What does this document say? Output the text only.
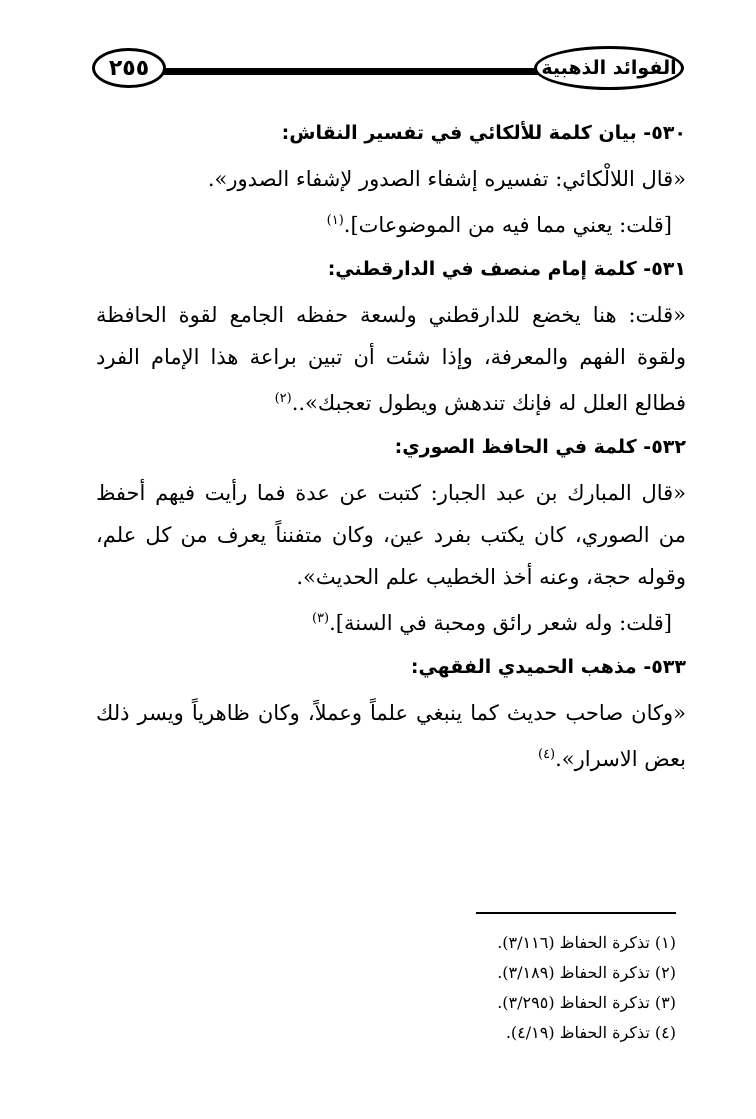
٢٥٥	الفوائد الذهبية
٥٣٠- بيان كلمة للألكائي في تفسير النقاش:

«قال اللالْكائي: تفسيره إشفاء الصدور لإشفاء الصدور».

[قلت: يعني مما فيه من الموضوعات].$^{(١)}$

٥٣١- كلمة إمام منصف في الدارقطني:

«قلت: هنا يخضع للدارقطني ولسعة حفظه الجامع لقوة الحافظة ولقوة الفهم والمعرفة، وإذا شئت أن تبين براعة هذا الإمام الفرد فطالع العلل له فإنك تندهش ويطول تعجبك»..$^{(٢)}$

٥٣٢- كلمة في الحافظ الصوري:

«قال المبارك بن عبد الجبار: كتبت عن عدة فما رأيت فيهم أحفظ من الصوري، كان يكتب بفرد عين، وكان متفنناً يعرف من كل علم، وقوله حجة، وعنه أخذ الخطيب علم الحديث».

[قلت: وله شعر رائق ومحبة في السنة].$^{(٣)}$

٥٣٣- مذهب الحميدي الفقهي:

«وكان صاحب حديث كما ينبغي علماً وعملاً، وكان ظاهرياً ويسر ذلك بعض الاسرار».$^{(٤)}$

(١) تذكرة الحفاظ (٣/١١٦).
(٢) تذكرة الحفاظ (٣/١٨٩).
(٣) تذكرة الحفاظ (٣/٢٩٥).
(٤) تذكرة الحفاظ (٤/١٩).
